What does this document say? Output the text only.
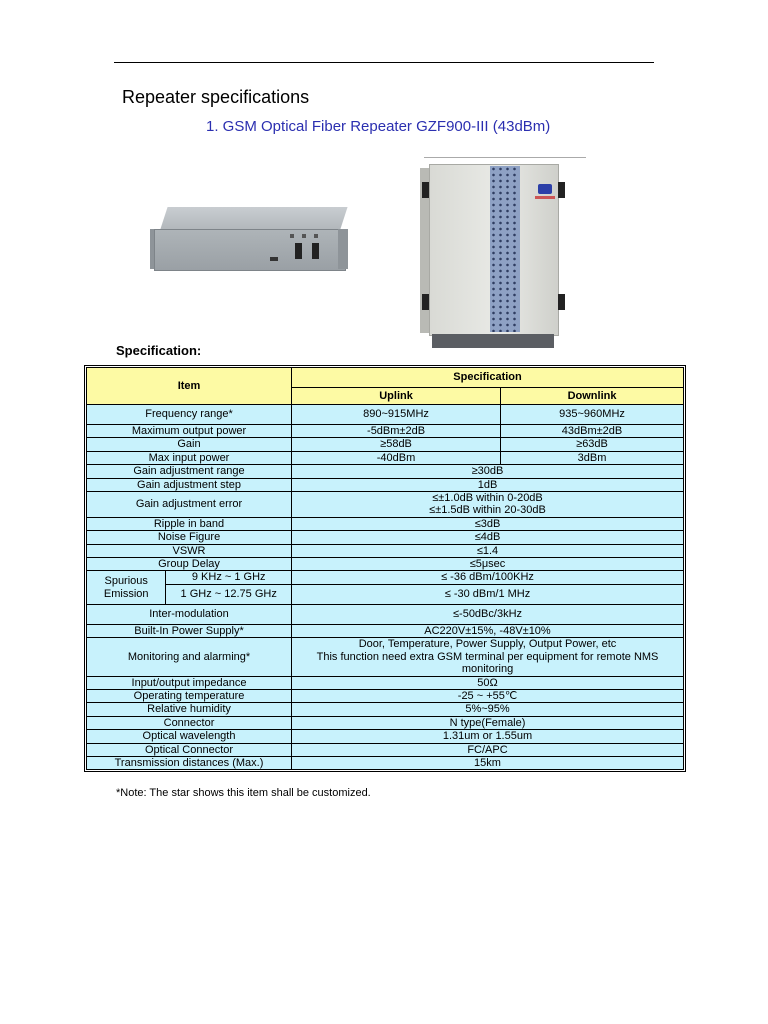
Repeater specifications
1. GSM Optical Fiber Repeater GZF900-III (43dBm)
Specification:
Item		Specification	
		Uplink	Downlink
Frequency range*		890~915MHz	935~960MHz
Maximum output power		-5dBm±2dB	43dBm±2dB
Gain		≥58dB	≥63dB
Max input power		-40dBm	3dBm
Gain adjustment range		≥30dB	
Gain adjustment step		1dB	
Gain adjustment error		≤±1.0dB within 0-20dB
≤±1.5dB within 20-30dB	

Ripple in band		≤3dB	
Noise Figure		≤4dB	
VSWR		≤1.4	
Group Delay		≤5μsec	

Spurious
Emission	9 KHz ~ 1 GHz	≤ -36 dBm/100KHz	
	1 GHz ~ 12.75 GHz	≤ -30 dBm/1 MHz	
Inter-modulation		≤-50dBc/3kHz	
Built-In Power Supply*		AC220V±15%, -48V±10%	
Monitoring and alarming*		Door, Temperature, Power Supply, Output Power, etc
This function need extra GSM terminal per equipment for remote NMS
monitoring	

Input/output impedance		50Ω	
Operating temperature		-25 ~ +55℃	
Relative humidity		5%~95%	
Connector		N type(Female)	
Optical wavelength		1.31um or 1.55um	
Optical Connector		FC/APC	
Transmission distances (Max.)		15km	
*Note: The star shows this item shall be customized.
